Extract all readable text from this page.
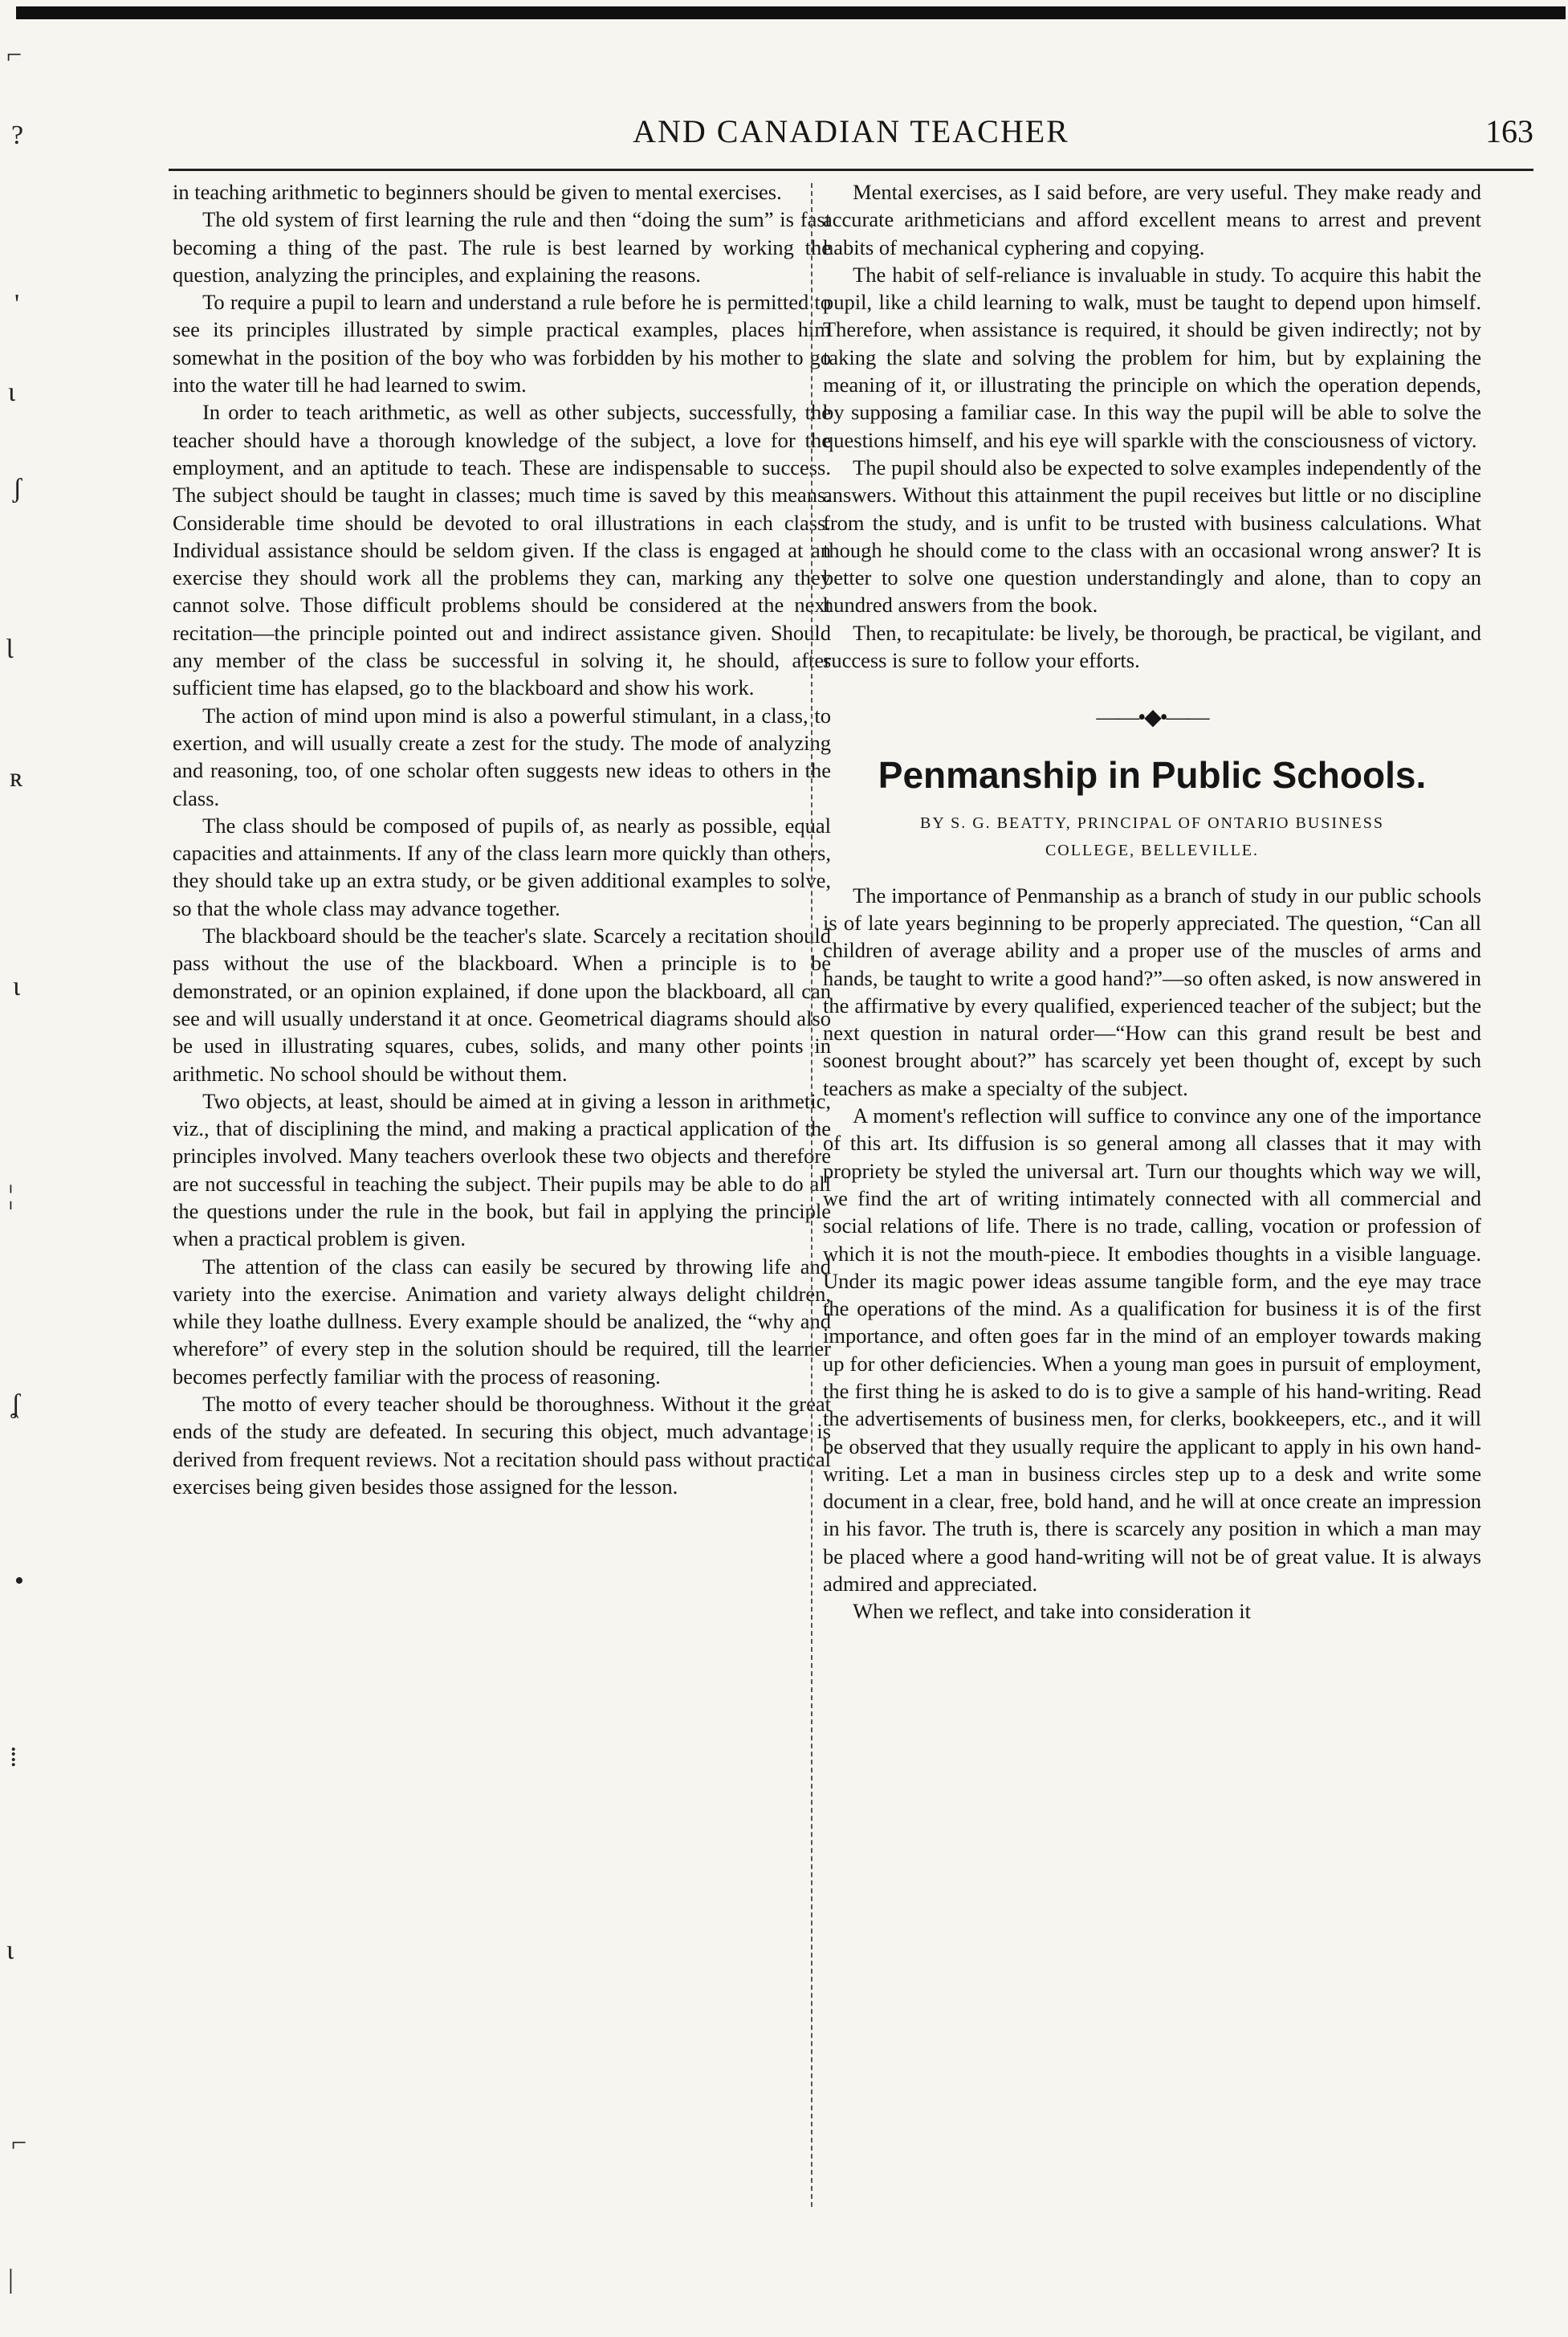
⌐
?
'
ɩ
ʃ
Ɩ
ʀ
ɩ
¦
ʆ
•
⁞
ɩ
⌐
|
AND CANADIAN TEACHER	163

in teaching arithmetic to beginners should be given to mental exercises.

The old system of first learning the rule and then “doing the sum” is fast becoming a thing of the past. The rule is best learned by working the question, analyzing the principles, and explaining the reasons.

To require a pupil to learn and understand a rule before he is permitted to see its principles illustrated by simple practical examples, places him somewhat in the position of the boy who was forbidden by his mother to go into the water till he had learned to swim.

In order to teach arithmetic, as well as other subjects, successfully, the teacher should have a thorough knowledge of the subject, a love for the employment, and an aptitude to teach. These are indispensable to success. The subject should be taught in classes; much time is saved by this means. Considerable time should be devoted to oral illustrations in each class. Individual assistance should be seldom given. If the class is engaged at an exercise they should work all the problems they can, marking any they cannot solve. Those difficult problems should be considered at the next recitation—the principle pointed out and indirect assistance given. Should any member of the class be successful in solving it, he should, after sufficient time has elapsed, go to the blackboard and show his work.

The action of mind upon mind is also a powerful stimulant, in a class, to exertion, and will usually create a zest for the study. The mode of analyzing and reasoning, too, of one scholar often suggests new ideas to others in the class.

The class should be composed of pupils of, as nearly as possible, equal capacities and attainments. If any of the class learn more quickly than others, they should take up an extra study, or be given additional examples to solve, so that the whole class may advance together.

The blackboard should be the teacher's slate. Scarcely a recitation should pass without the use of the blackboard. When a principle is to be demonstrated, or an opinion explained, if done upon the blackboard, all can see and will usually understand it at once. Geometrical diagrams should also be used in illustrating squares, cubes, solids, and many other points in arithmetic. No school should be without them.

Two objects, at least, should be aimed at in giving a lesson in arithmetic, viz., that of disciplining the mind, and making a practical application of the principles involved. Many teachers overlook these two objects and therefore are not successful in teaching the subject. Their pupils may be able to do all the questions under the rule in the book, but fail in applying the principle when a practical problem is given.

The attention of the class can easily be secured by throwing life and variety into the exercise. Animation and variety always delight children, while they loathe dullness. Every example should be analized, the “why and wherefore” of every step in the solution should be required, till the learner becomes perfectly familiar with the process of reasoning.

The motto of every teacher should be thoroughness. Without it the great ends of the study are defeated. In securing this object, much advantage is derived from frequent reviews. Not a recitation should pass without practical exercises being given besides those assigned for the lesson.

Mental exercises, as I said before, are very useful. They make ready and accurate arithmeticians and afford excellent means to arrest and prevent habits of mechanical cyphering and copying.

The habit of self-reliance is invaluable in study. To acquire this habit the pupil, like a child learning to walk, must be taught to depend upon himself. Therefore, when assistance is required, it should be given indirectly; not by taking the slate and solving the problem for him, but by explaining the meaning of it, or illustrating the principle on which the operation depends, by supposing a familiar case. In this way the pupil will be able to solve the questions himself, and his eye will sparkle with the consciousness of victory.

The pupil should also be expected to solve examples independently of the answers. Without this attainment the pupil receives but little or no discipline from the study, and is unfit to be trusted with business calculations. What though he should come to the class with an occasional wrong answer? It is better to solve one question understandingly and alone, than to copy an hundred answers from the book.

Then, to recapitulate: be lively, be thorough, be practical, be vigilant, and success is sure to follow your efforts.

——•◆•——
Penmanship in Public Schools.
BY S. G. BEATTY, PRINCIPAL OF ONTARIO BUSINESS
COLLEGE, BELLEVILLE.

The importance of Penmanship as a branch of study in our public schools is of late years beginning to be properly appreciated. The question, “Can all children of average ability and a proper use of the muscles of arms and hands, be taught to write a good hand?”—so often asked, is now answered in the affirmative by every qualified, experienced teacher of the subject; but the next question in natural order—“How can this grand result be best and soonest brought about?” has scarcely yet been thought of, except by such teachers as make a specialty of the subject.

A moment's reflection will suffice to convince any one of the importance of this art. Its diffusion is so general among all classes that it may with propriety be styled the universal art. Turn our thoughts which way we will, we find the art of writing intimately connected with all commercial and social relations of life. There is no trade, calling, vocation or profession of which it is not the mouth-piece. It embodies thoughts in a visible language. Under its magic power ideas assume tangible form, and the eye may trace the operations of the mind. As a qualification for business it is of the first importance, and often goes far in the mind of an employer towards making up for other deficiencies. When a young man goes in pursuit of employment, the first thing he is asked to do is to give a sample of his hand-writing. Read the advertisements of business men, for clerks, bookkeepers, etc., and it will be observed that they usually require the applicant to apply in his own hand-writing. Let a man in business circles step up to a desk and write some document in a clear, free, bold hand, and he will at once create an impression in his favor. The truth is, there is scarcely any position in which a man may be placed where a good hand-writing will not be of great value. It is always admired and appreciated.

When we reflect, and take into consideration it
